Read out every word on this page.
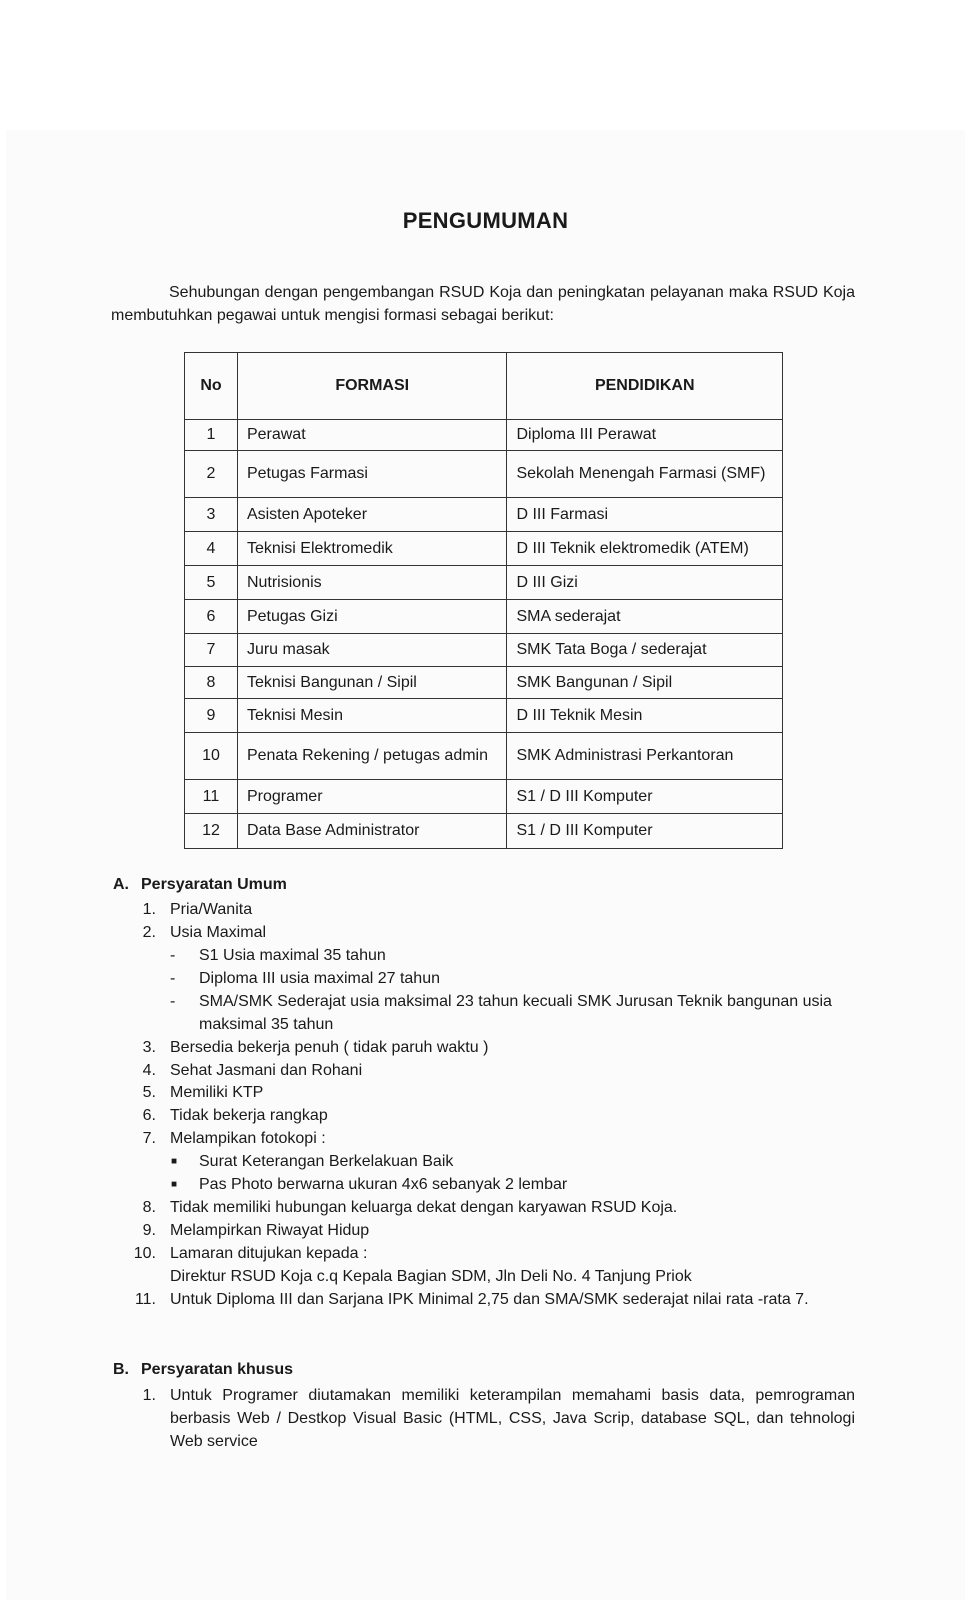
PENGUMUMAN
Sehubungan dengan pengembangan RSUD Koja dan peningkatan pelayanan maka RSUD Koja membutuhkan pegawai untuk mengisi formasi sebagai berikut:
No	FORMASI	PENDIDIKAN
1	Perawat	Diploma III Perawat
2	Petugas Farmasi	Sekolah Menengah Farmasi (SMF)
3	Asisten Apoteker	D III Farmasi
4	Teknisi Elektromedik	D III Teknik elektromedik (ATEM)
5	Nutrisionis	D III Gizi
6	Petugas Gizi	SMA sederajat
7	Juru masak	SMK Tata Boga / sederajat
8	Teknisi Bangunan / Sipil	SMK Bangunan / Sipil
9	Teknisi Mesin	D III Teknik Mesin
10	Penata Rekening / petugas admin	SMK Administrasi Perkantoran
11	Programer	S1 / D III Komputer
12	Data Base Administrator	S1 / D III Komputer
A. Persyaratan Umum
1. Pria/Wanita
2. Usia Maximal
- S1 Usia maximal 35 tahun
- Diploma III usia maximal 27 tahun
- SMA/SMK Sederajat usia maksimal 23 tahun kecuali SMK Jurusan Teknik bangunan usia maksimal 35 tahun
3. Bersedia bekerja penuh ( tidak paruh waktu )
4. Sehat Jasmani dan Rohani
5. Memiliki KTP
6. Tidak bekerja rangkap
7. Melampikan fotokopi :
■ Surat Keterangan Berkelakuan Baik
■ Pas Photo berwarna ukuran 4x6 sebanyak 2 lembar
8. Tidak memiliki hubungan keluarga dekat dengan karyawan RSUD Koja.
9. Melampirkan Riwayat Hidup
10. Lamaran ditujukan kepada :
Direktur RSUD Koja c.q Kepala Bagian SDM, Jln Deli No. 4 Tanjung Priok
11. Untuk Diploma III dan Sarjana IPK Minimal 2,75 dan SMA/SMK sederajat nilai rata -rata 7.
B. Persyaratan khusus
1. Untuk Programer diutamakan memiliki keterampilan memahami basis data, pemrograman berbasis Web / Destkop Visual Basic (HTML, CSS, Java Scrip, database SQL, dan tehnologi Web service
